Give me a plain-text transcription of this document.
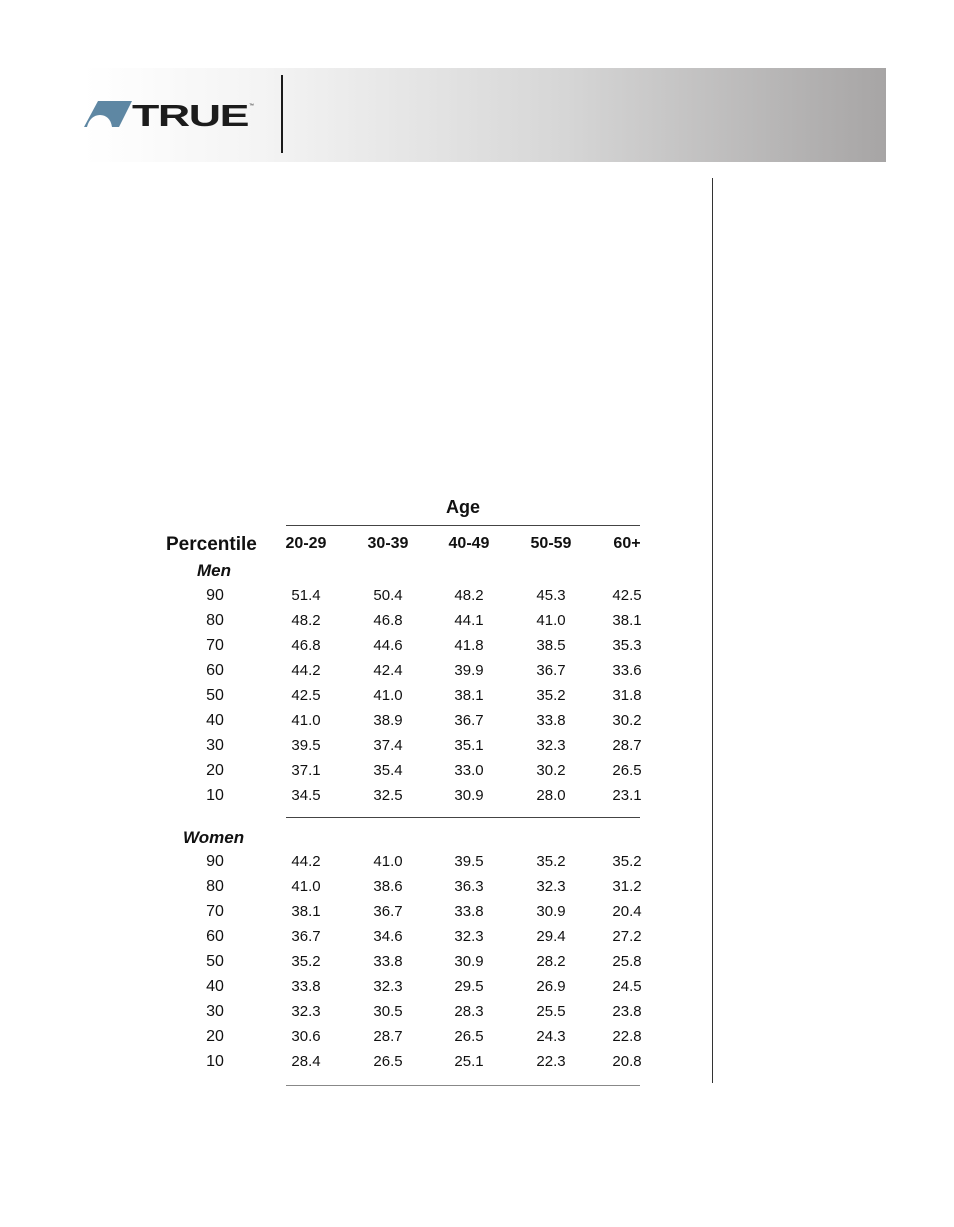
TRUE ™
Age
Percentile	20-29	30-39	40-49	50-59	60+
Men
90	51.4	50.4	48.2	45.3	42.5
80	48.2	46.8	44.1	41.0	38.1
70	46.8	44.6	41.8	38.5	35.3
60	44.2	42.4	39.9	36.7	33.6
50	42.5	41.0	38.1	35.2	31.8
40	41.0	38.9	36.7	33.8	30.2
30	39.5	37.4	35.1	32.3	28.7
20	37.1	35.4	33.0	30.2	26.5
10	34.5	32.5	30.9	28.0	23.1
Women
90	44.2	41.0	39.5	35.2	35.2
80	41.0	38.6	36.3	32.3	31.2
70	38.1	36.7	33.8	30.9	20.4
60	36.7	34.6	32.3	29.4	27.2
50	35.2	33.8	30.9	28.2	25.8
40	33.8	32.3	29.5	26.9	24.5
30	32.3	30.5	28.3	25.5	23.8
20	30.6	28.7	26.5	24.3	22.8
10	28.4	26.5	25.1	22.3	20.8
